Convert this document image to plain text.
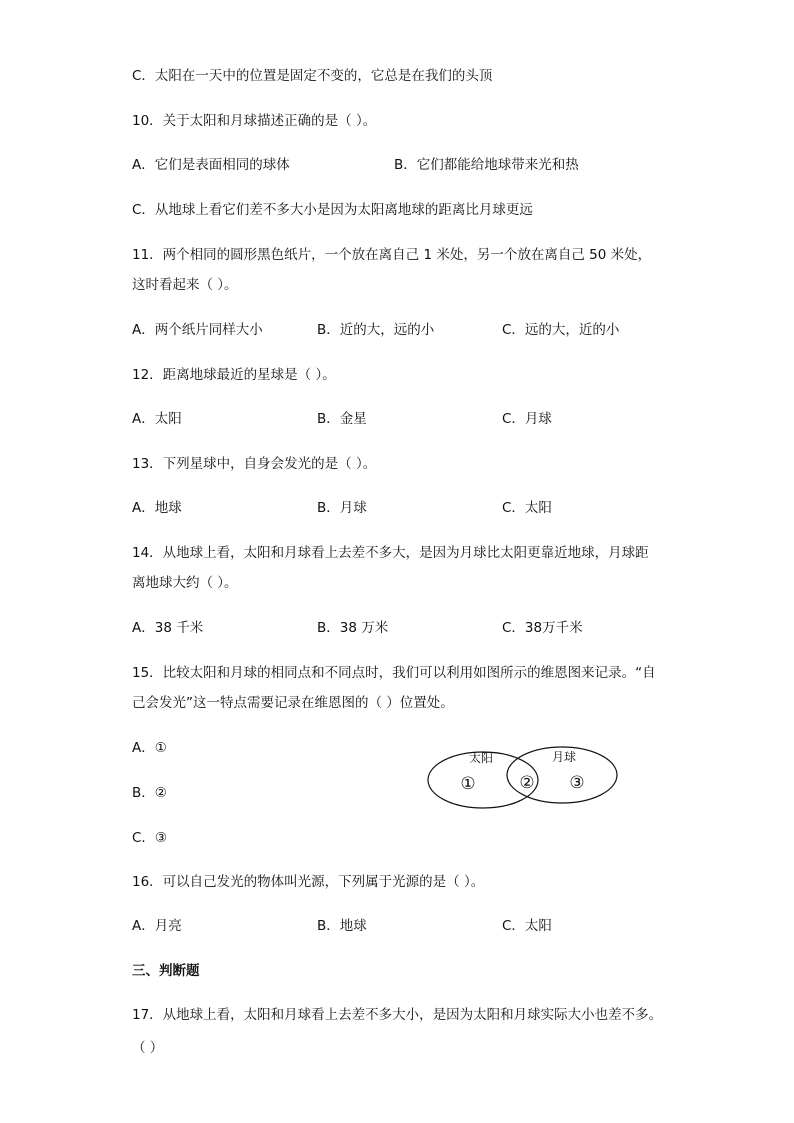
C．太阳在一天中的位置是固定不变的，它总是在我们的头顶
10．关于太阳和月球描述正确的是（ ）。
A．它们是表面相同的球体	B．它们都能给地球带来光和热
C．从地球上看它们差不多大小是因为太阳离地球的距离比月球更远
11．两个相同的圆形黑色纸片，一个放在离自己 1 米处，另一个放在离自己 50 米处，
这时看起来（ ）。
A．两个纸片同样大小	B．近的大，远的小	C．远的大，近的小
12．距离地球最近的星球是（ ）。
A．太阳	B．金星	C．月球
13．下列星球中，自身会发光的是（ ）。
A．地球	B．月球	C．太阳
14．从地球上看，太阳和月球看上去差不多大，是因为月球比太阳更靠近地球，月球距
离地球大约（ ）。
A．38 千米	B．38 万米	C．38万千米
15．比较太阳和月球的相同点和不同点时，我们可以利用如图所示的维恩图来记录。“自
己会发光”这一特点需要记录在维恩图的（ ）位置处。
A．①
B．②
C．③
太阳	月球
①	② ③
16．可以自己发光的物体叫光源，下列属于光源的是（ ）。
A．月亮	B．地球	C．太阳
三、判断题
17．从地球上看，太阳和月球看上去差不多大小，是因为太阳和月球实际大小也差不多。
（ ）
